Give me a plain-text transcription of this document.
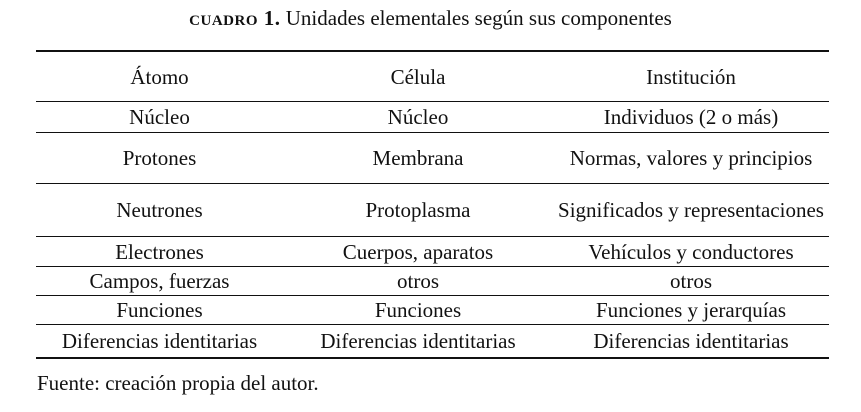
cuadro 1. Unidades elementales según sus componentes
Átomo	Célula	Institución
Núcleo	Núcleo	Individuos (2 o más)
Protones	Membrana	Normas, valores y principios
Neutrones	Protoplasma	Significados y representaciones
Electrones	Cuerpos, aparatos	Vehículos y conductores
Campos, fuerzas	otros	otros
Funciones	Funciones	Funciones y jerarquías
Diferencias identitarias	Diferencias identitarias	Diferencias identitarias
Fuente: creación propia del autor.
